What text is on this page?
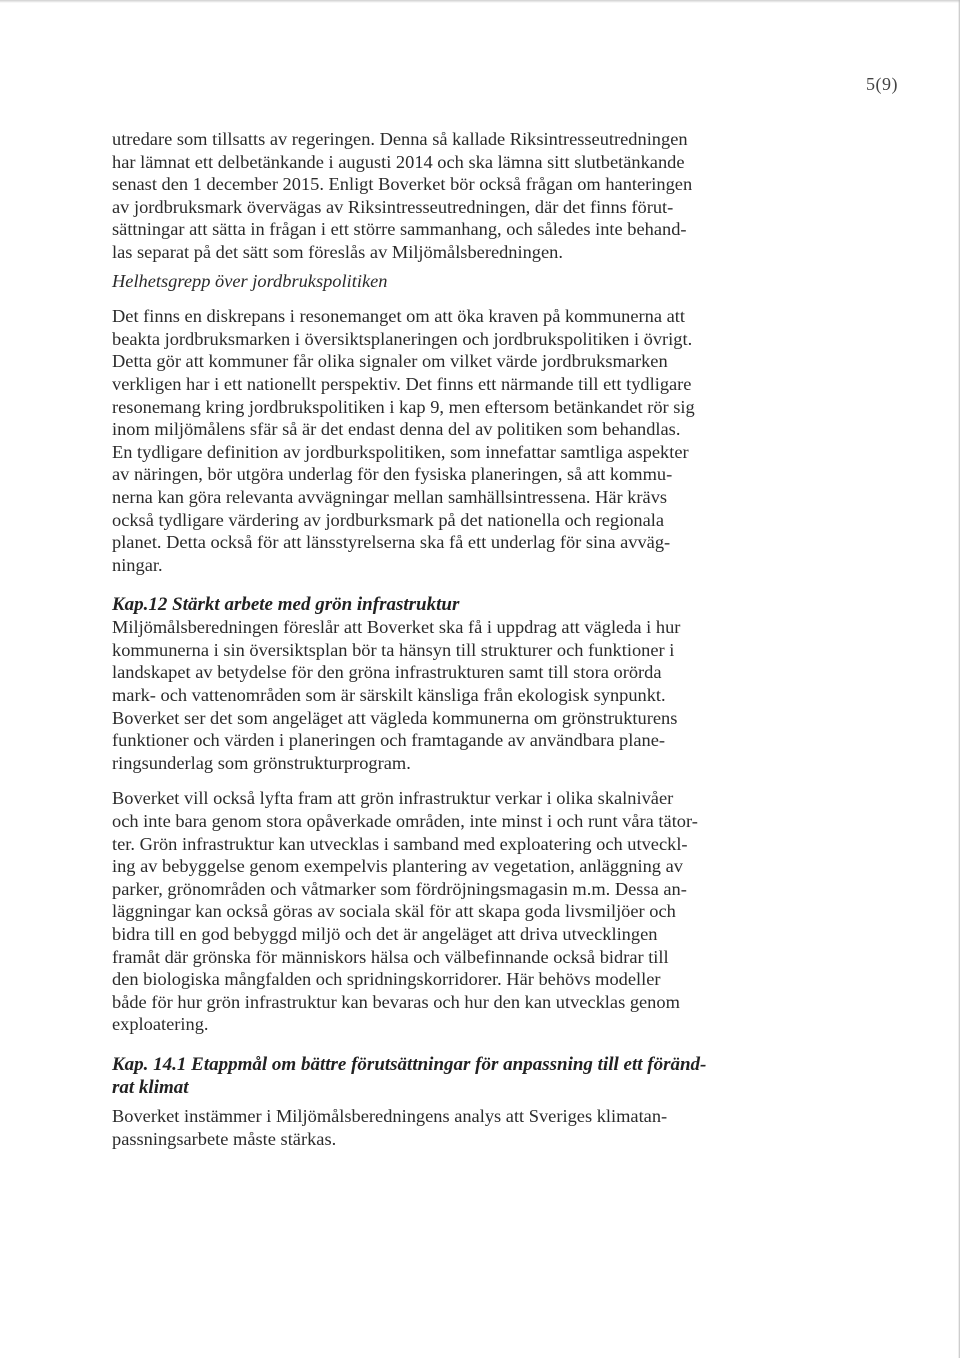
5(9)

utredare som tillsatts av regeringen. Denna så kallade Riksintresseutredningen
har lämnat ett delbetänkande i augusti 2014 och ska lämna sitt slutbetänkande
senast den 1 december 2015. Enligt Boverket bör också frågan om hanteringen
av jordbruksmark övervägas av Riksintresseutredningen, där det finns förut-
sättningar att sätta in frågan i ett större sammanhang, och således inte behand-
las separat på det sätt som föreslås av Miljömålsberedningen.

Helhetsgrepp över jordbrukspolitiken

Det finns en diskrepans i resonemanget om att öka kraven på kommunerna att
beakta jordbruksmarken i översiktsplaneringen och jordbrukspolitiken i övrigt.
Detta gör att kommuner får olika signaler om vilket värde jordbruksmarken
verkligen har i ett nationellt perspektiv. Det finns ett närmande till ett tydligare
resonemang kring jordbrukspolitiken i kap 9, men eftersom betänkandet rör sig
inom miljömålens sfär så är det endast denna del av politiken som behandlas.
En tydligare definition av jordburkspolitiken, som innefattar samtliga aspekter
av näringen, bör utgöra underlag för den fysiska planeringen, så att kommu-
nerna kan göra relevanta avvägningar mellan samhällsintressena. Här krävs
också tydligare värdering av jordburksmark på det nationella och regionala
planet. Detta också för att länsstyrelserna ska få ett underlag för sina avväg-
ningar.

Kap.12 Stärkt arbete med grön infrastruktur

Miljömålsberedningen föreslår att Boverket ska få i uppdrag att vägleda i hur
kommunerna i sin översiktsplan bör ta hänsyn till strukturer och funktioner i
landskapet av betydelse för den gröna infrastrukturen samt till stora orörda
mark- och vattenområden som är särskilt känsliga från ekologisk synpunkt.
Boverket ser det som angeläget att vägleda kommunerna om grönstrukturens
funktioner och värden i planeringen och framtagande av användbara plane-
ringsunderlag som grönstrukturprogram.

Boverket vill också lyfta fram att grön infrastruktur verkar i olika skalnivåer
och inte bara genom stora opåverkade områden, inte minst i och runt våra tätor-
ter. Grön infrastruktur kan utvecklas i samband med exploatering och utveckl-
ing av bebyggelse genom exempelvis plantering av vegetation, anläggning av
parker, grönområden och våtmarker som fördröjningsmagasin m.m. Dessa an-
läggningar kan också göras av sociala skäl för att skapa goda livsmiljöer och
bidra till en god bebyggd miljö och det är angeläget att driva utvecklingen
framåt där grönska för människors hälsa och välbefinnande också bidrar till
den biologiska mångfalden och spridningskorridorer. Här behövs modeller
både för hur grön infrastruktur kan bevaras och hur den kan utvecklas genom
exploatering.

Kap. 14.1 Etappmål om bättre förutsättningar för anpassning till ett föränd-
rat klimat

Boverket instämmer i Miljömålsberedningens analys att Sveriges klimatan-
passningsarbete måste stärkas.
